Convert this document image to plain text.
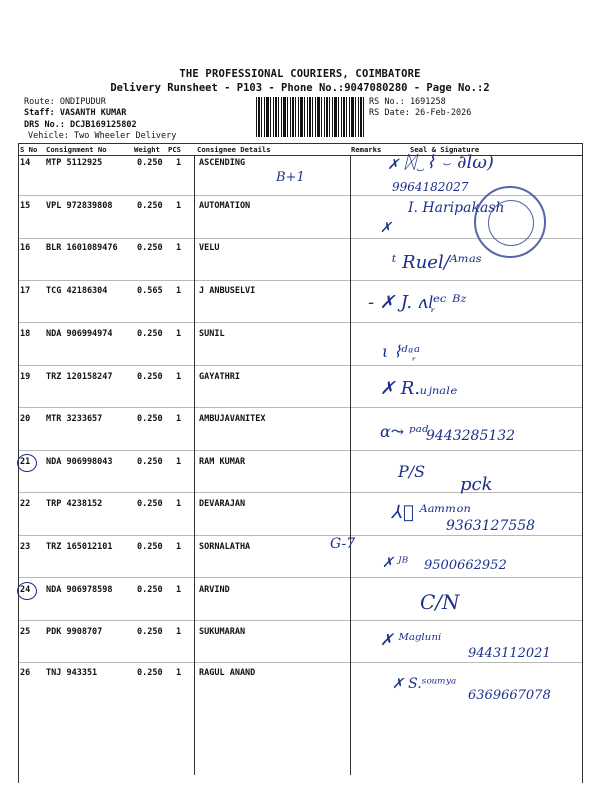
THE PROFESSIONAL COURIERS, COIMBATORE
Delivery Runsheet - P103 - Phone No.:9047080280 - Page No.:2
Route: ONDIPUDUR
Staff: VASANTH KUMAR
DRS No.: DCJB169125802
Vehicle: Two Wheeler Delivery
RS No.: 1691258
RS Date: 26-Feb-2026
S No Consignment No	Weight PCS Consignee Details	Remarks	Seal & Signature
14 MTP 5112925	0.250 1 ASCENDING
15 VPL 972839808	0.250 1 AUTOMATION
16 BLR 1601089476 0.250 1 VELU
17 TCG 42186304	0.565 1 J ANBUSELVI
18 NDA 906994974	0.250 1 SUNIL
19 TRZ 120158247	0.250 1 GAYATHRI
20 MTR 3233657	0.250 1 AMBUJAVANITEX
21 NDA 906998043	0.250 1 RAM KUMAR
22 TRP 4238152	0.250 1 DEVARAJAN
23 TRZ 165012101	0.250 1 SORNALATHA
24 NDA 906978598	0.250 1 ARVIND
25 PDK 9908707	0.250 1 SUKUMARAN
26 TNJ 943351	0.250 1 RAGUL ANAND
B+1
✗ ᛞ‿⌇ ⌣ ∂lω)
9964182027
I. Haripakash
✗
ᵗ Ruel/ᴬᵐᵃˢ
- ✗ J. ʌl᷊ᵉᶜ ᴮᶻ
ι ⌇ᵈᵃ᷊ᵃ
✗ R.ᵤⱼₙₐₗₑ
α⤳ ᵖᵃᵈ
9443285132
G-7
P/S
pck
⅄⃥ ᴬᵃᵐᵐᵒⁿ
9363127558
✗ ᴶᴮ 9500662952
C/N
✗ ᴹᵃᵍˡᵘⁿⁱ
9443112021
✗ S.ˢᵒᵘᵐʸᵃ
6369667078
